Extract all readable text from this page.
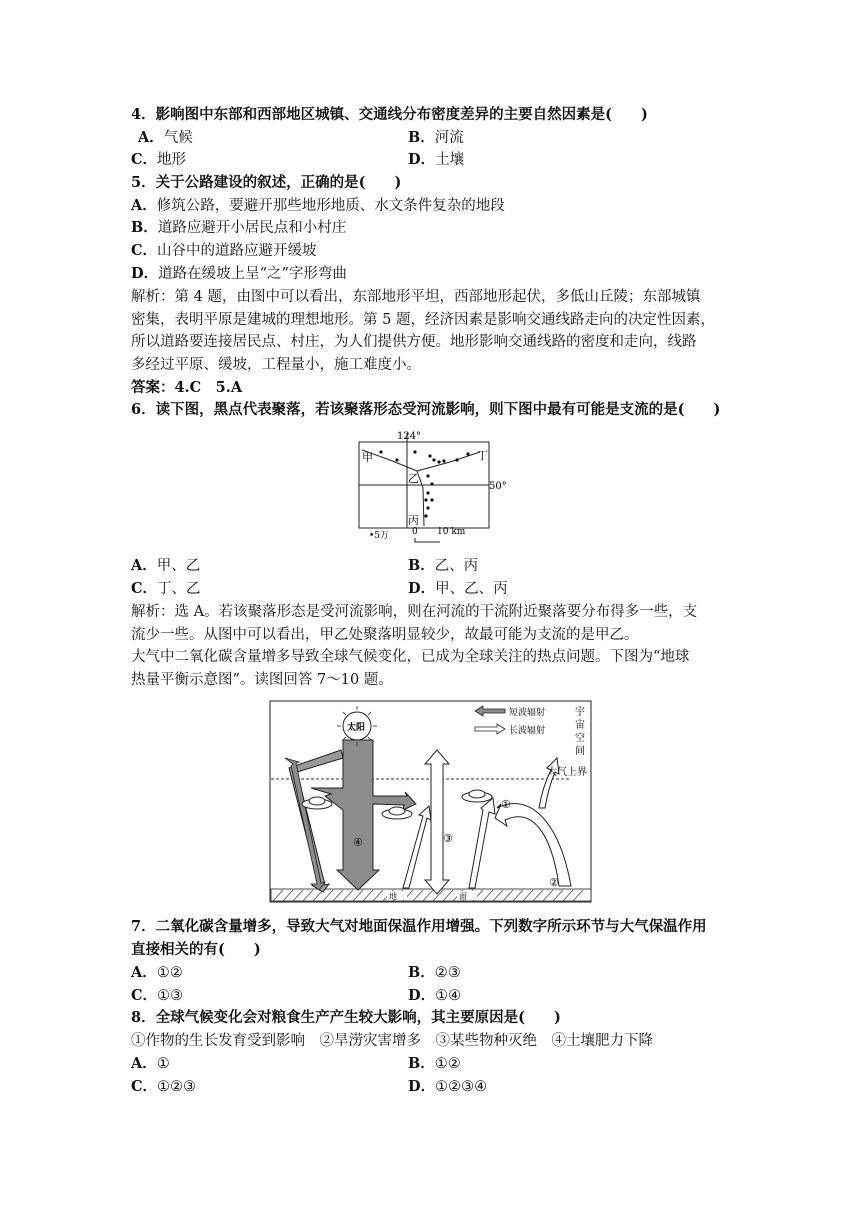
4．影响图中东部和西部地区城镇、交通线分布密度差异的主要自然因素是(　　)
A．气候	B．河流
C．地形	D．土壤
5．关于公路建设的叙述，正确的是(　　)
A．修筑公路，要避开那些地形地质、水文条件复杂的地段
B．道路应避开小居民点和小村庄
C．山谷中的道路应避开缓坡
D．道路在缓坡上呈“之”字形弯曲
解析：第 4 题，由图中可以看出，东部地形平坦，西部地形起伏，多低山丘陵；东部城镇
密集，表明平原是建城的理想地形。第 5 题，经济因素是影响交通线路走向的决定性因素，
所以道路要连接居民点、村庄，为人们提供方便。地形影响交通线路的密度和走向，线路
多经过平原、缓坡，工程量小，施工难度小。
答案：4.C　5.A
6．读下图，黑点代表聚落，若该聚落形态受河流影响，则下图中最有可能是支流的是(　　)
124°
50°
甲
乙
丙
丁
•5万	0 10 km
A．甲、乙	B．乙、丙
C．丁、乙	D．甲、乙、丙
解析：选 A。若该聚落形态是受河流影响，则在河流的干流附近聚落要分布得多一些，支
流少一些。从图中可以看出，甲乙处聚落明显较少，故最可能为支流的是甲乙。
大气中二氧化碳含量增多导致全球气候变化，已成为全球关注的热点问题。下图为“地球
热量平衡示意图”。读图回答 7～10 题。
地	面
太阳
短波辐射
长波辐射
宇
宙
空
间
大气上界
①
②
③
④
7．二氧化碳含量增多，导致大气对地面保温作用增强。下列数字所示环节与大气保温作用
直接相关的有(　　)
A．①②	B．②③
C．①③	D．①④
8．全球气候变化会对粮食生产产生较大影响，其主要原因是(　　)
①作物的生长发育受到影响　②旱涝灾害增多　③某些物种灭绝　④土壤肥力下降
A．①	B．①②
C．①②③	D．①②③④
